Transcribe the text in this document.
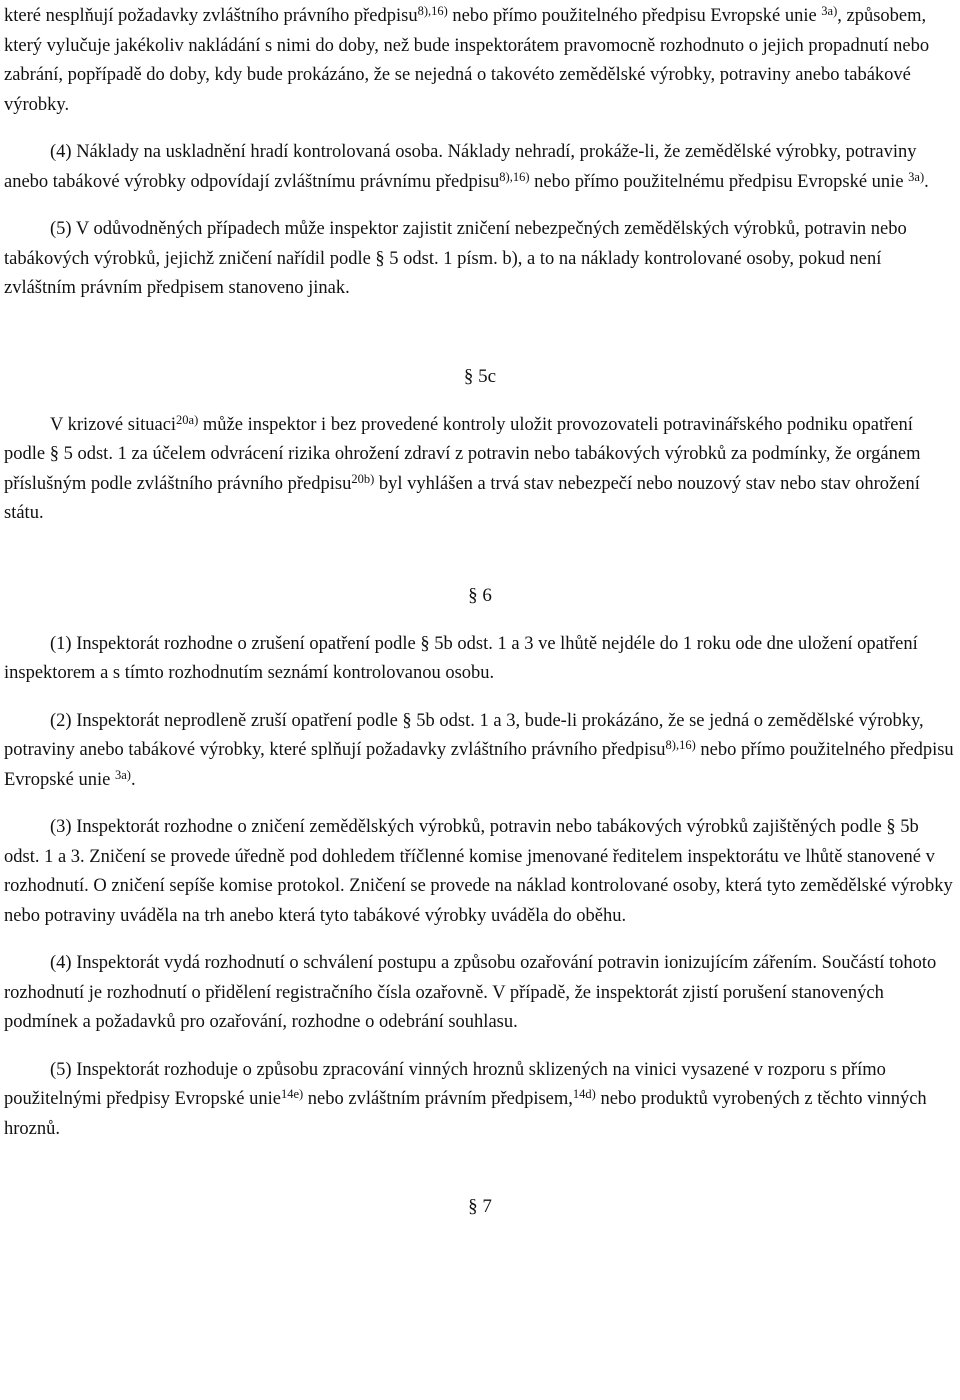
které nesplňují požadavky zvláštního právního předpisu$^{8),16)}$ nebo přímo použitelného předpisu Evropské unie $^{3a)}$, způsobem, který vylučuje jakékoliv nakládání s nimi do doby, než bude inspektorátem pravomocně rozhodnuto o jejich propadnutí nebo zabrání, popřípadě do doby, kdy bude prokázáno, že se nejedná o takovéto zemědělské výrobky, potraviny anebo tabákové výrobky.

(4) Náklady na uskladnění hradí kontrolovaná osoba. Náklady nehradí, prokáže-li, že zemědělské výrobky, potraviny anebo tabákové výrobky odpovídají zvláštnímu právnímu předpisu$^{8),16)}$ nebo přímo použitelnému předpisu Evropské unie $^{3a)}$.

(5) V odůvodněných případech může inspektor zajistit zničení nebezpečných zemědělských výrobků, potravin nebo tabákových výrobků, jejichž zničení nařídil podle § 5 odst. 1 písm. b), a to na náklady kontrolované osoby, pokud není zvláštním právním předpisem stanoveno jinak.

§ 5c

V krizové situaci$^{20a)}$ může inspektor i bez provedené kontroly uložit provozovateli potravinářského podniku opatření podle § 5 odst. 1 za účelem odvrácení rizika ohrožení zdraví z potravin nebo tabákových výrobků za podmínky, že orgánem příslušným podle zvláštního právního předpisu$^{20b)}$ byl vyhlášen a trvá stav nebezpečí nebo nouzový stav nebo stav ohrožení státu.

§ 6

(1) Inspektorát rozhodne o zrušení opatření podle § 5b odst. 1 a 3 ve lhůtě nejdéle do 1 roku ode dne uložení opatření inspektorem a s tímto rozhodnutím seznámí kontrolovanou osobu.

(2) Inspektorát neprodleně zruší opatření podle § 5b odst. 1 a 3, bude-li prokázáno, že se jedná o zemědělské výrobky, potraviny anebo tabákové výrobky, které splňují požadavky zvláštního právního předpisu$^{8),16)}$ nebo přímo použitelného předpisu Evropské unie $^{3a)}$.

(3) Inspektorát rozhodne o zničení zemědělských výrobků, potravin nebo tabákových výrobků zajištěných podle § 5b odst. 1 a 3. Zničení se provede úředně pod dohledem tříčlenné komise jmenované ředitelem inspektorátu ve lhůtě stanovené v rozhodnutí. O zničení sepíše komise protokol. Zničení se provede na náklad kontrolované osoby, která tyto zemědělské výrobky nebo potraviny uváděla na trh anebo která tyto tabákové výrobky uváděla do oběhu.

(4) Inspektorát vydá rozhodnutí o schválení postupu a způsobu ozařování potravin ionizujícím zářením. Součástí tohoto rozhodnutí je rozhodnutí o přidělení registračního čísla ozařovně. V případě, že inspektorát zjistí porušení stanovených podmínek a požadavků pro ozařování, rozhodne o odebrání souhlasu.

(5) Inspektorát rozhoduje o způsobu zpracování vinných hroznů sklizených na vinici vysazené v rozporu s přímo použitelnými předpisy Evropské unie$^{14e)}$ nebo zvláštním právním předpisem,$^{14d)}$ nebo produktů vyrobených z těchto vinných hroznů.

§ 7
